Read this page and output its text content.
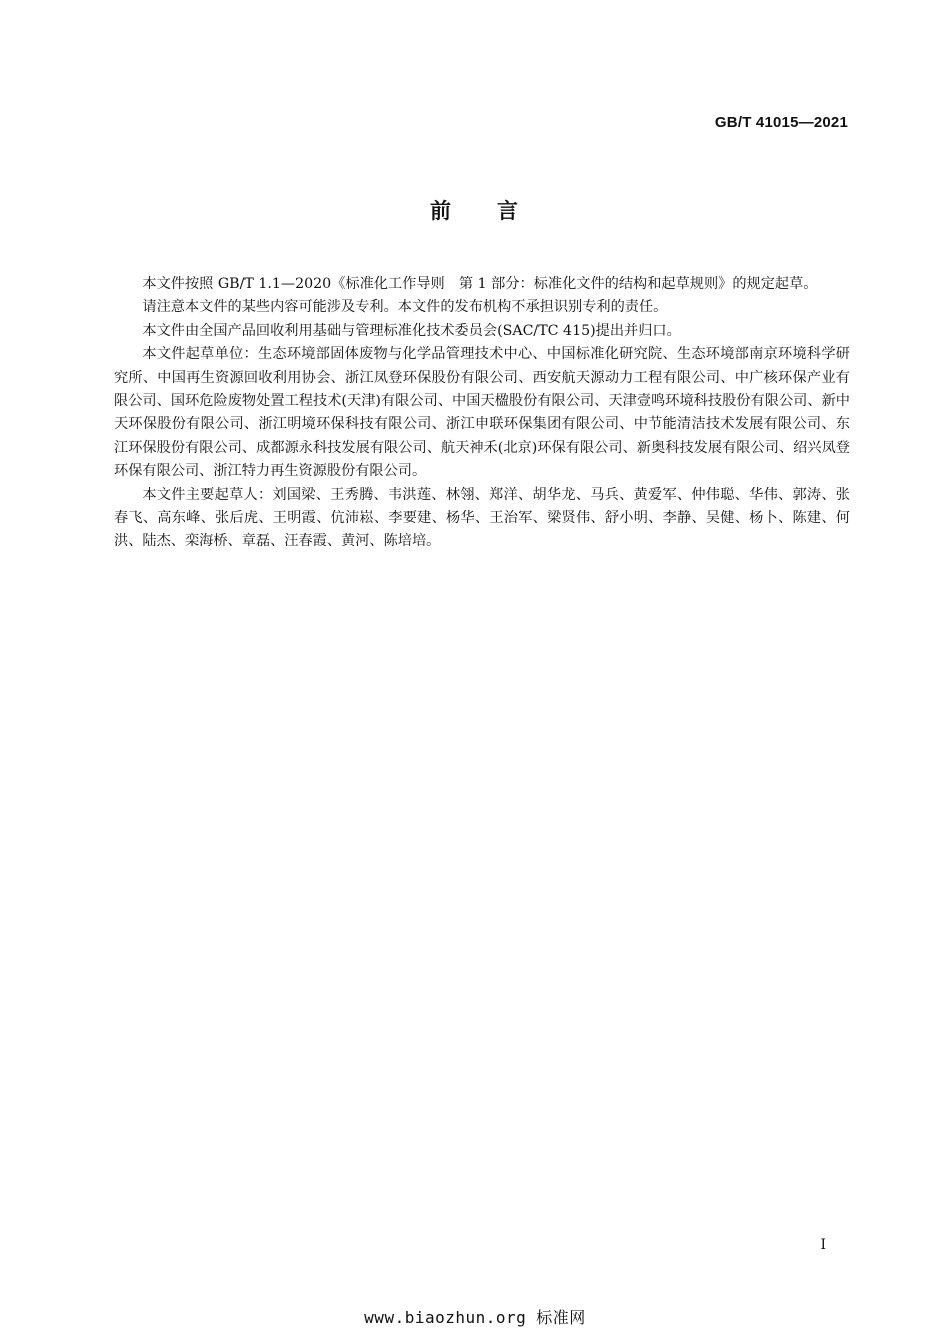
GB/T 41015—2021
前 言

本文件按照 GB/T 1.1—2020《标准化工作导则　第 1 部分：标准化文件的结构和起草规则》的规定起草。

请注意本文件的某些内容可能涉及专利。本文件的发布机构不承担识别专利的责任。

本文件由全国产品回收利用基础与管理标准化技术委员会(SAC/TC 415)提出并归口。

本文件起草单位：生态环境部固体废物与化学品管理技术中心、中国标准化研究院、生态环境部南京环境科学研究所、中国再生资源回收利用协会、浙江凤登环保股份有限公司、西安航天源动力工程有限公司、中广核环保产业有限公司、国环危险废物处置工程技术(天津)有限公司、中国天楹股份有限公司、天津壹鸣环境科技股份有限公司、新中天环保股份有限公司、浙江明境环保科技有限公司、浙江申联环保集团有限公司、中节能清洁技术发展有限公司、东江环保股份有限公司、成都源永科技发展有限公司、航天神禾(北京)环保有限公司、新奥科技发展有限公司、绍兴凤登环保有限公司、浙江特力再生资源股份有限公司。

本文件主要起草人：刘国梁、王秀腾、韦洪莲、林翎、郑洋、胡华龙、马兵、黄爱军、仲伟聪、华伟、郭涛、张春飞、高东峰、张后虎、王明霞、伉沛崧、李要建、杨华、王治军、梁贤伟、舒小明、李静、吴健、杨卜、陈建、何洪、陆杰、栾海桥、章磊、汪春霞、黄河、陈培培。

I
www.biaozhun.org 标准网
